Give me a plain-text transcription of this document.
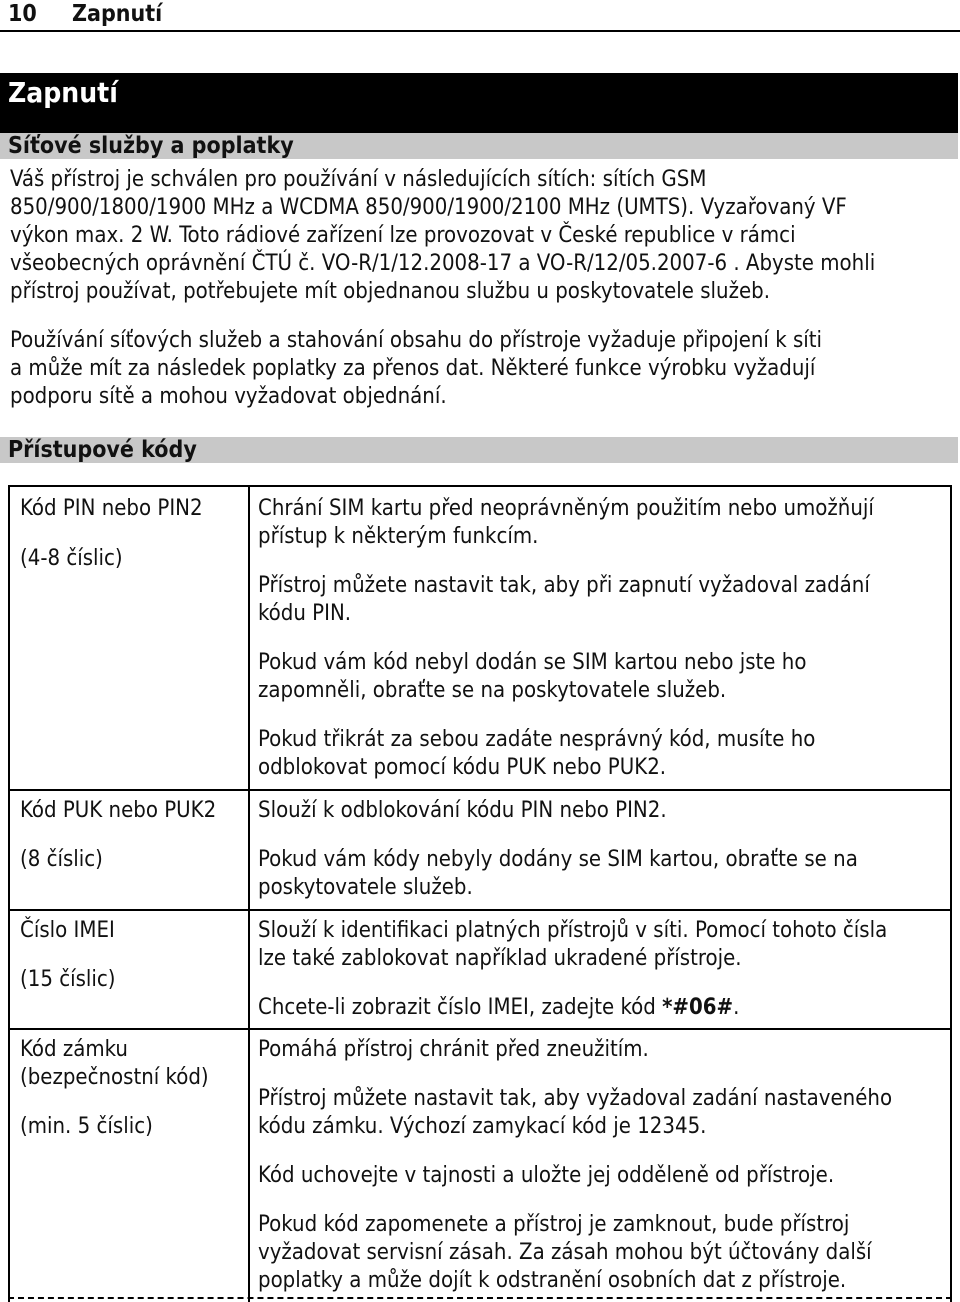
10 Zapnutí
Zapnutí
Síťové služby a poplatky

Váš přístroj je schválen pro používání v následujících sítích: sítích GSM

850/900/1800/1900 MHz a WCDMA 850/900/1900/2100 MHz (UMTS). Vyzařovaný VF

výkon max. 2 W. Toto rádiové zařízení lze provozovat v České republice v rámci

všeobecných oprávnění ČTÚ č. VO-R/1/12.2008-17 a VO-R/12/05.2007-6 . Abyste mohli

přístroj používat, potřebujete mít objednanou službu u poskytovatele služeb.

Používání síťových služeb a stahování obsahu do přístroje vyžaduje připojení k síti

a může mít za následek poplatky za přenos dat. Některé funkce výrobku vyžadují

podporu sítě a mohou vyžadovat objednání.

Přístupové kódy

Kód PIN nebo PIN2

(4-8 číslic)

Chrání SIM kartu před neoprávněným použitím nebo umožňují

přístup k některým funkcím.

Přístroj můžete nastavit tak, aby při zapnutí vyžadoval zadání

kódu PIN.

Pokud vám kód nebyl dodán se SIM kartou nebo jste ho

zapomněli, obraťte se na poskytovatele služeb.

Pokud třikrát za sebou zadáte nesprávný kód, musíte ho

odblokovat pomocí kódu PUK nebo PUK2.

Kód PUK nebo PUK2

(8 číslic)

Slouží k odblokování kódu PIN nebo PIN2.

Pokud vám kódy nebyly dodány se SIM kartou, obraťte se na

poskytovatele služeb.

Číslo IMEI

(15 číslic)

Slouží k identifikaci platných přístrojů v síti. Pomocí tohoto čísla

lze také zablokovat například ukradené přístroje.

Chcete-li zobrazit číslo IMEI, zadejte kód *#06#.

Kód zámku

(bezpečnostní kód)

(min. 5 číslic)

Pomáhá přístroj chránit před zneužitím.

Přístroj můžete nastavit tak, aby vyžadoval zadání nastaveného

kódu zámku. Výchozí zamykací kód je 12345.

Kód uchovejte v tajnosti a uložte jej odděleně od přístroje.

Pokud kód zapomenete a přístroj je zamknout, bude přístroj

vyžadovat servisní zásah. Za zásah mohou být účtovány další

poplatky a může dojít k odstranění osobních dat z přístroje.
